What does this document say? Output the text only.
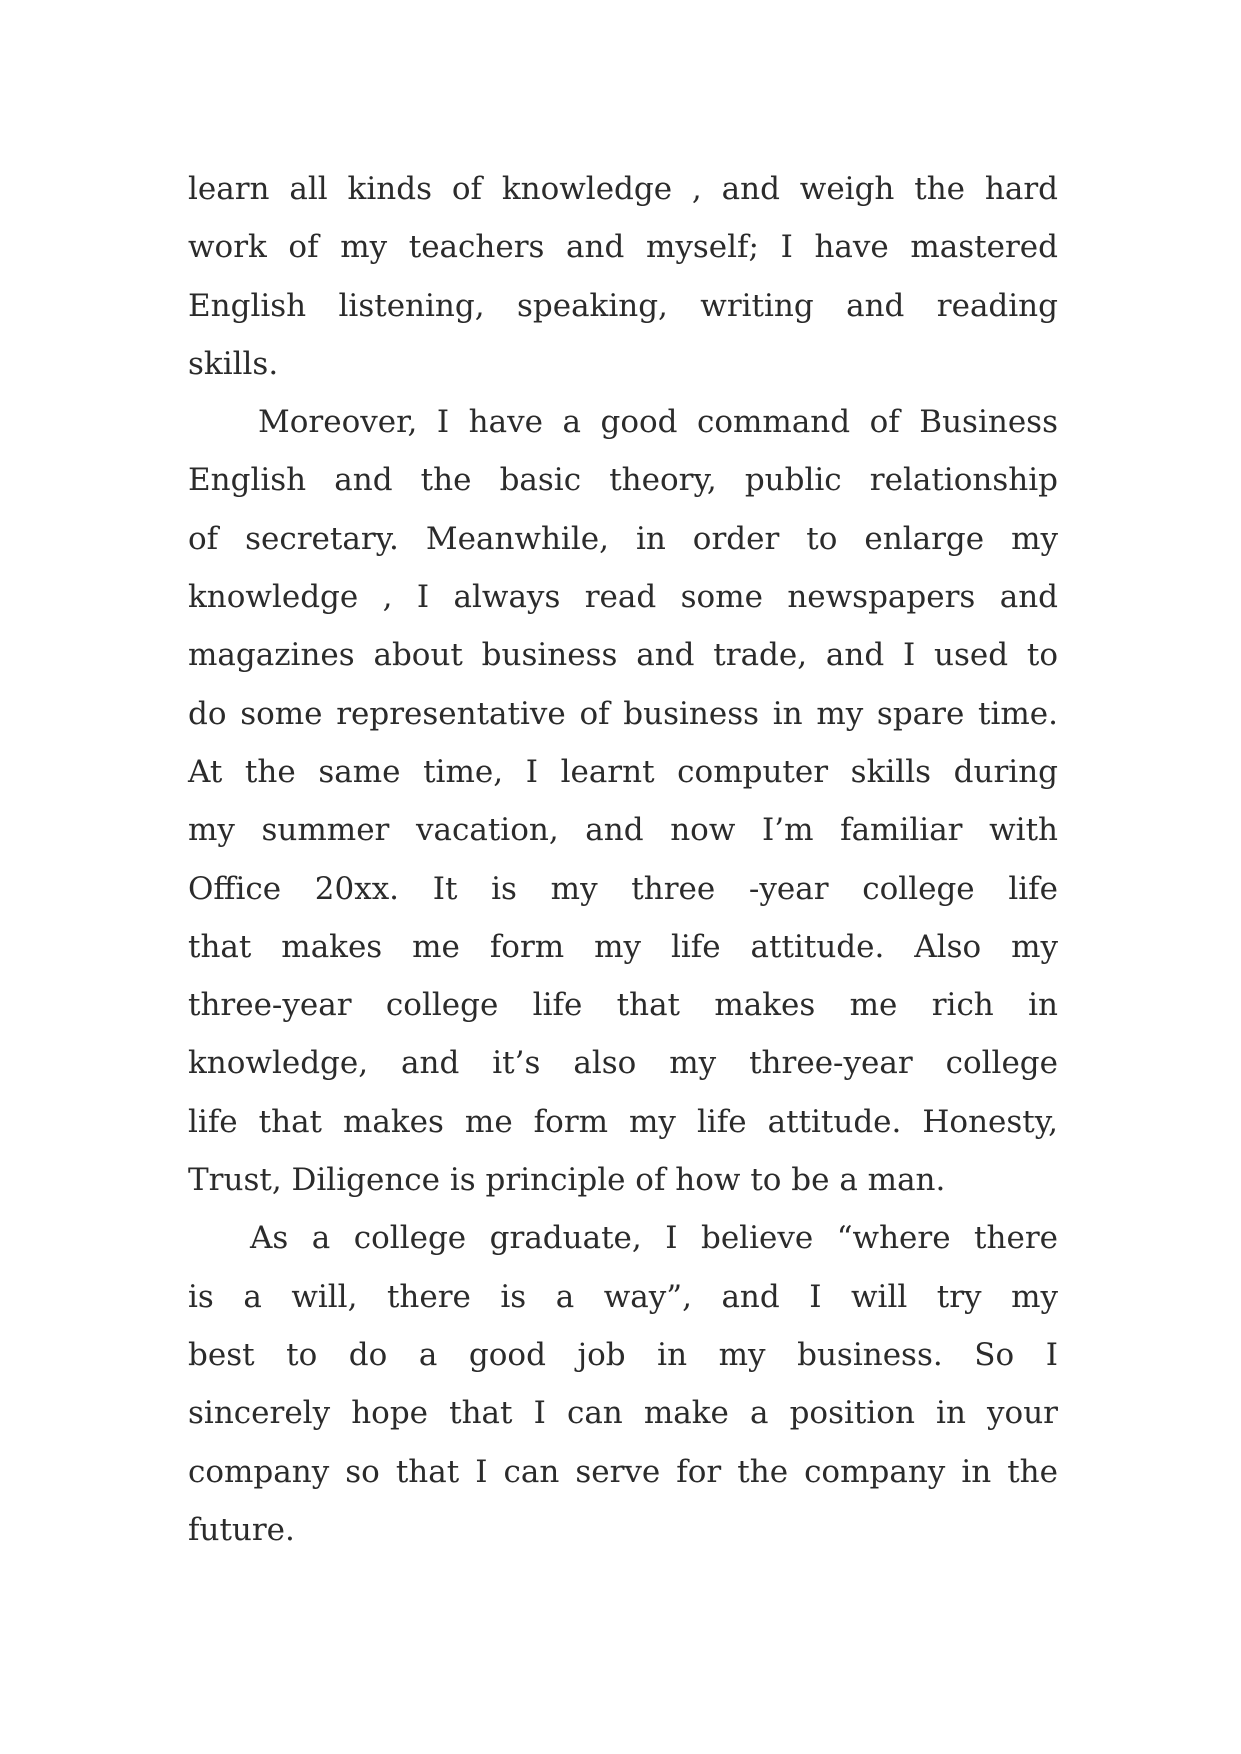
learn all kinds of knowledge , and weigh the hard
work of my teachers and myself; I have mastered
English listening, speaking, writing and reading
skills.
Moreover, I have a good command of Business
English and the basic theory, public relationship
of secretary. Meanwhile, in order to enlarge my
knowledge , I always read some newspapers and
magazines about business and trade, and I used to
do some representative of business in my spare time.
At the same time, I learnt computer skills during
my summer vacation, and now I’m familiar with
Office 20xx. It is my three -year college life
that makes me form my life attitude. Also my
three-year college life that makes me rich in
knowledge, and it’s also my three-year college
life that makes me form my life attitude. Honesty,
Trust, Diligence is principle of how to be a man.
As a college graduate, I believe “where there
is a will, there is a way”, and I will try my
best to do a good job in my business. So I
sincerely hope that I can make a position in your
company so that I can serve for the company in the
future.
